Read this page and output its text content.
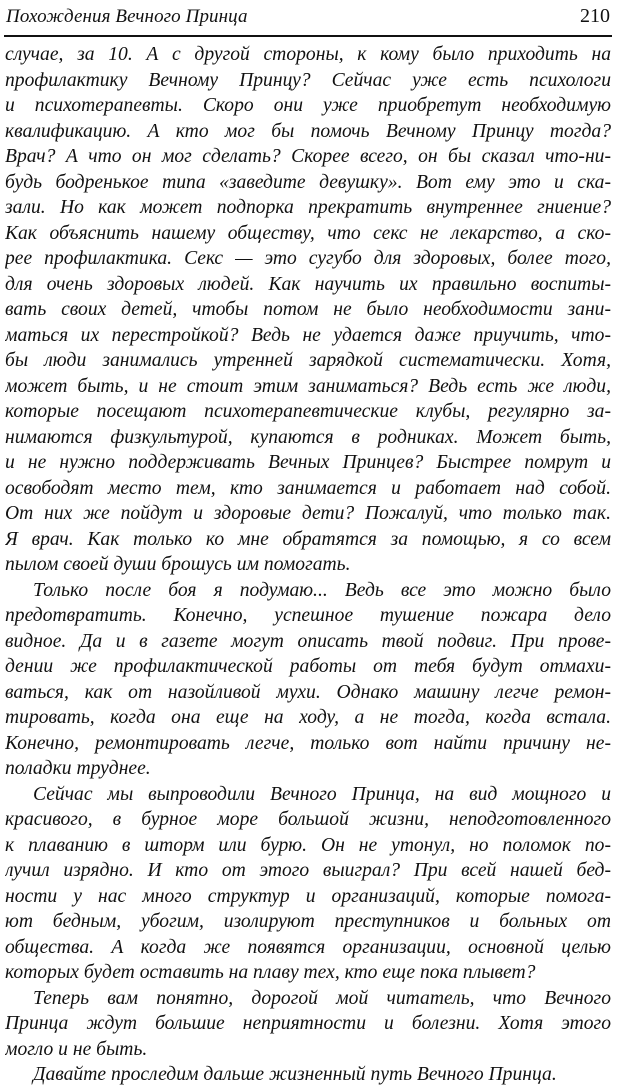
Похождения Вечного Принца	210
случае, за 10. А с другой стороны, к кому было приходить на
профилактику Вечному Принцу? Сейчас уже есть психологи
и психотерапевты. Скоро они уже приобретут необходимую
квалификацию. А кто мог бы помочь Вечному Принцу тогда?
Врач? А что он мог сделать? Скорее всего, он бы сказал что-ни-
будь бодренькое типа «заведите девушку». Вот ему это и ска-
зали. Но как может подпорка прекратить внутреннее гниение?
Как объяснить нашему обществу, что секс не лекарство, а ско-
рее профилактика. Секс — это сугубо для здоровых, более того,
для очень здоровых людей. Как научить их правильно воспиты-
вать своих детей, чтобы потом не было необходимости зани-
маться их перестройкой? Ведь не удается даже приучить, что-
бы люди занимались утренней зарядкой систематически. Хотя,
может быть, и не стоит этим заниматься? Ведь есть же люди,
которые посещают психотерапевтические клубы, регулярно за-
нимаются физкультурой, купаются в родниках. Может быть,
и не нужно поддерживать Вечных Принцев? Быстрее помрут и
освободят место тем, кто занимается и работает над собой.
От них же пойдут и здоровые дети? Пожалуй, что только так.
Я врач. Как только ко мне обратятся за помощью, я со всем
пылом своей души брошусь им помогать.
Только после боя я подумаю... Ведь все это можно было
предотвратить. Конечно, успешное тушение пожара дело
видное. Да и в газете могут описать твой подвиг. При прове-
дении же профилактической работы от тебя будут отмахи-
ваться, как от назойливой мухи. Однако машину легче ремон-
тировать, когда она еще на ходу, а не тогда, когда встала.
Конечно, ремонтировать легче, только вот найти причину не-
поладки труднее.
Сейчас мы выпроводили Вечного Принца, на вид мощного и
красивого, в бурное море большой жизни, неподготовленного
к плаванию в шторм или бурю. Он не утонул, но поломок по-
лучил изрядно. И кто от этого выиграл? При всей нашей бед-
ности у нас много структур и организаций, которые помога-
ют бедным, убогим, изолируют преступников и больных от
общества. А когда же появятся организации, основной целью
которых будет оставить на плаву тех, кто еще пока плывет?
Теперь вам понятно, дорогой мой читатель, что Вечного
Принца ждут большие неприятности и болезни. Хотя этого
могло и не быть.
Давайте проследим дальше жизненный путь Вечного Принца.
